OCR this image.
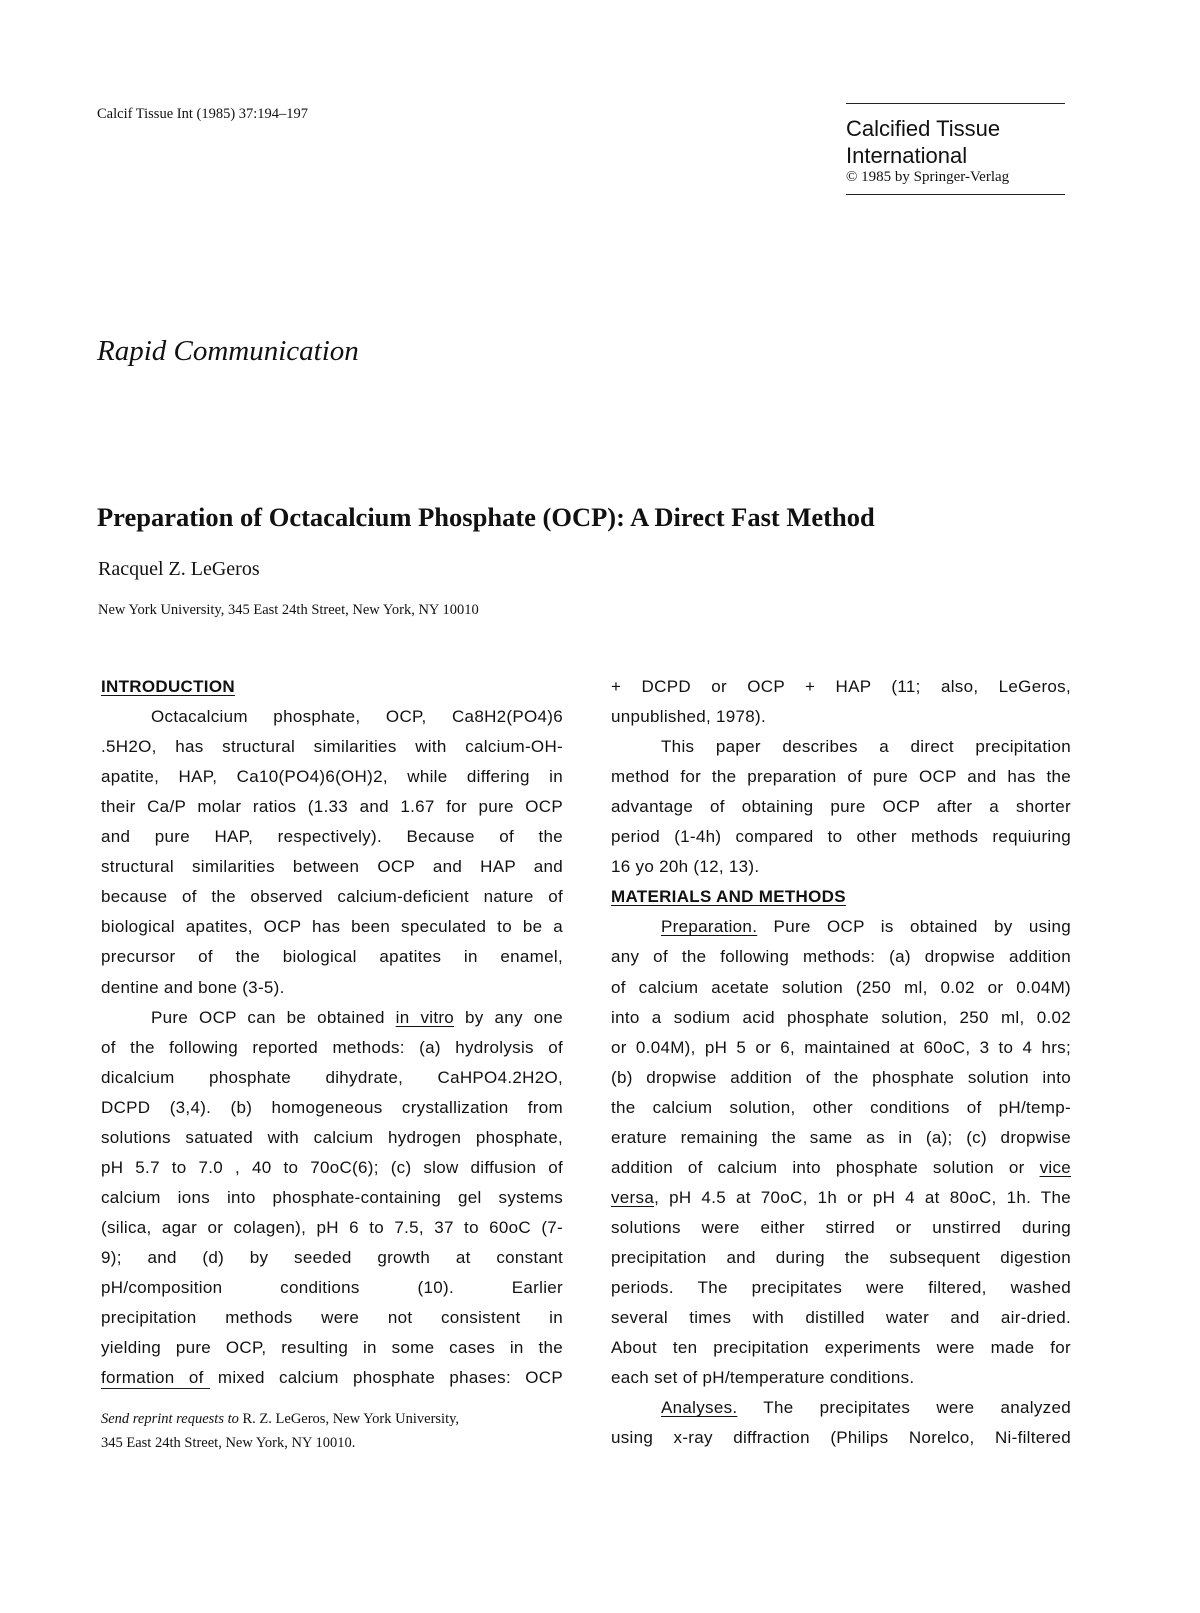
Calcif Tissue Int (1985) 37:194–197
Calcified Tissue
International
© 1985 by Springer-Verlag
Rapid Communication
Preparation of Octacalcium Phosphate (OCP): A Direct Fast Method
Racquel Z. LeGeros
New York University, 345 East 24th Street, New York, NY 10010
INTRODUCTION
Octacalcium phosphate, OCP, Ca8H2(PO4)6
.5H2O, has structural similarities with calcium-OH-
apatite, HAP, Ca10(PO4)6(OH)2, while differing in
their Ca/P molar ratios (1.33 and 1.67 for pure OCP
and pure HAP, respectively). Because of the
structural similarities between OCP and HAP and
because of the observed calcium-deficient nature of
biological apatites, OCP has been speculated to be a
precursor of the biological apatites in enamel,
dentine and bone (3-5).
Pure OCP can be obtained in vitro by any one
of the following reported methods: (a) hydrolysis of
dicalcium phosphate dihydrate, CaHPO4.2H2O,
DCPD (3,4). (b) homogeneous crystallization from
solutions satuated with calcium hydrogen phosphate,
pH 5.7 to 7.0 , 40 to 70oC(6); (c) slow diffusion of
calcium ions into phosphate-containing gel systems
(silica, agar or colagen), pH 6 to 7.5, 37 to 60oC (7-
9); and (d) by seeded growth at constant
pH/composition conditions (10). Earlier
precipitation methods were not consistent in
yielding pure OCP, resulting in some cases in the
formation of mixed calcium phosphate phases: OCP
+ DCPD or OCP + HAP (11; also, LeGeros,
unpublished, 1978).
This paper describes a direct precipitation
method for the preparation of pure OCP and has the
advantage of obtaining pure OCP after a shorter
period (1-4h) compared to other methods requiuring
16 yo 20h (12, 13).
MATERIALS AND METHODS
Preparation. Pure OCP is obtained by using
any of the following methods: (a) dropwise addition
of calcium acetate solution (250 ml, 0.02 or 0.04M)
into a sodium acid phosphate solution, 250 ml, 0.02
or 0.04M), pH 5 or 6, maintained at 60oC, 3 to 4 hrs;
(b) dropwise addition of the phosphate solution into
the calcium solution, other conditions of pH/temp-
erature remaining the same as in (a); (c) dropwise
addition of calcium into phosphate solution or vice
versa, pH 4.5 at 70oC, 1h or pH 4 at 80oC, 1h. The
solutions were either stirred or unstirred during
precipitation and during the subsequent digestion
periods. The precipitates were filtered, washed
several times with distilled water and air-dried.
About ten precipitation experiments were made for
each set of pH/temperature conditions.
Analyses. The precipitates were analyzed
using x-ray diffraction (Philips Norelco, Ni-filtered
Send reprint requests to R. Z. LeGeros, New York University,
345 East 24th Street, New York, NY 10010.
